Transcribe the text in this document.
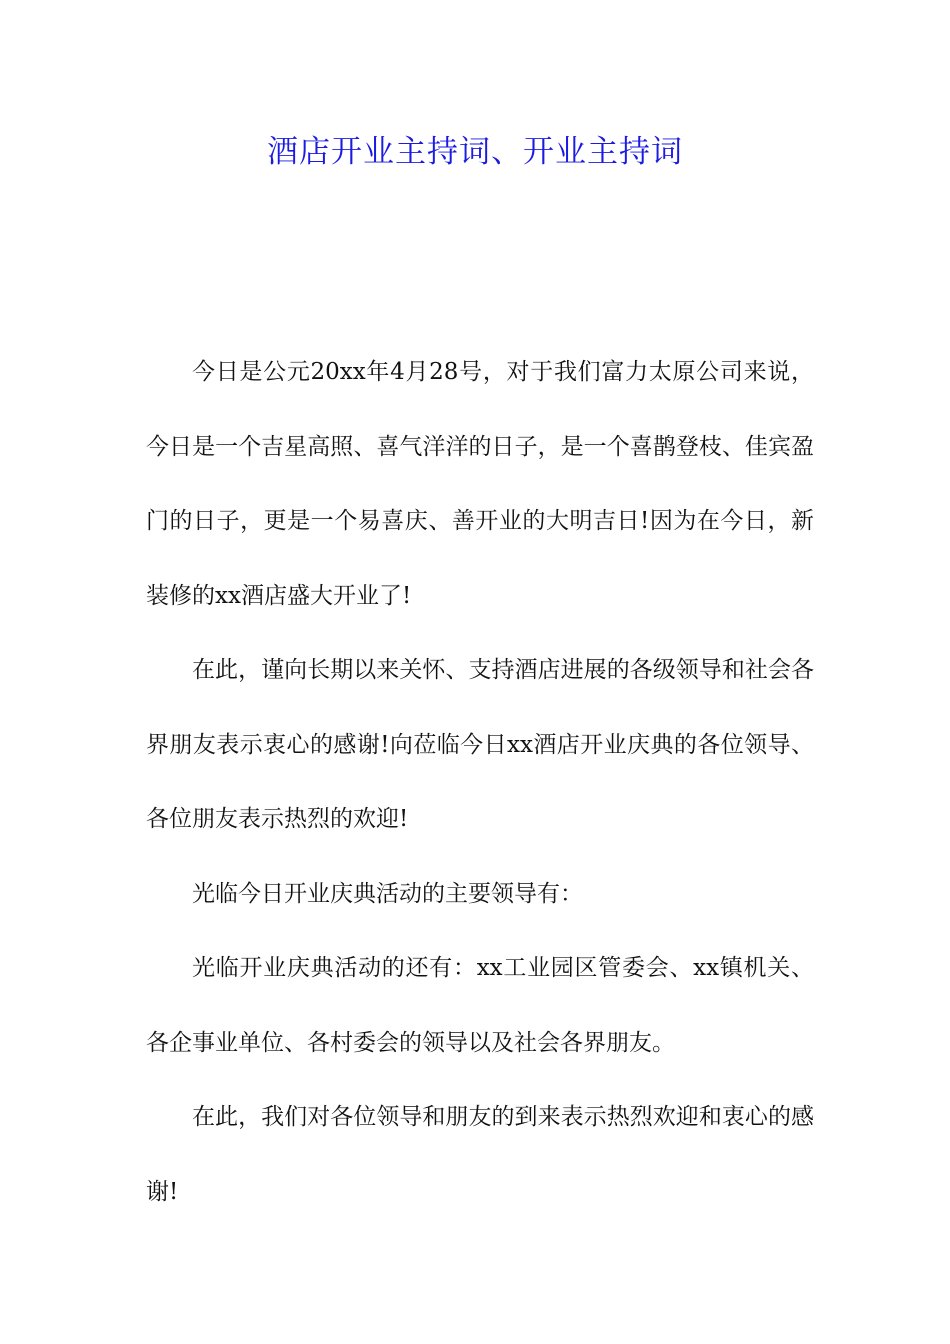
酒店开业主持词、开业主持词

今日是公元20xx年4月28号，对于我们富力太原公司来说，今日是一个吉星高照、喜气洋洋的日子，是一个喜鹊登枝、佳宾盈门的日子，更是一个易喜庆、善开业的大明吉日!因为在今日，新装修的xx酒店盛大开业了!

在此，谨向长期以来关怀、支持酒店进展的各级领导和社会各界朋友表示衷心的感谢!向莅临今日xx酒店开业庆典的各位领导、各位朋友表示热烈的欢迎!

光临今日开业庆典活动的主要领导有：

光临开业庆典活动的还有：xx工业园区管委会、xx镇机关、各企事业单位、各村委会的领导以及社会各界朋友。

在此，我们对各位领导和朋友的到来表示热烈欢迎和衷心的感谢!
